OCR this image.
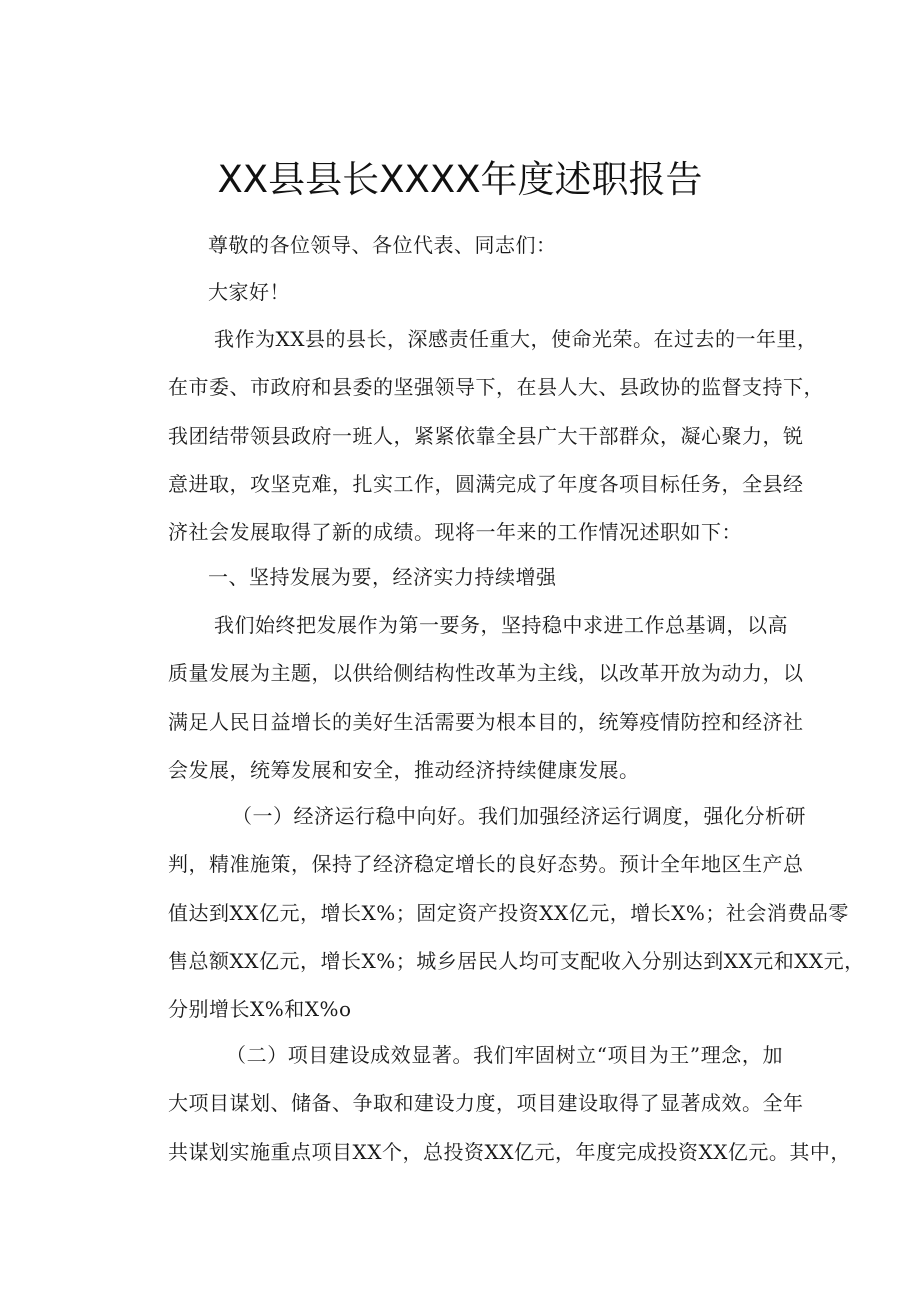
XX县县长XXXX年度述职报告

尊敬的各位领导、各位代表、同志们：

大家好！

我作为XX县的县长，深感责任重大，使命光荣。在过去的一年里，
在市委、市政府和县委的坚强领导下，在县人大、县政协的监督支持下，
我团结带领县政府一班人，紧紧依靠全县广大干部群众，凝心聚力，锐
意进取，攻坚克难，扎实工作，圆满完成了年度各项目标任务，全县经
济社会发展取得了新的成绩。现将一年来的工作情况述职如下：

一、坚持发展为要，经济实力持续增强

我们始终把发展作为第一要务，坚持稳中求进工作总基调，以高
质量发展为主题，以供给侧结构性改革为主线，以改革开放为动力，以
满足人民日益增长的美好生活需要为根本目的，统筹疫情防控和经济社
会发展，统筹发展和安全，推动经济持续健康发展。

（一）经济运行稳中向好。我们加强经济运行调度，强化分析研
判，精准施策，保持了经济稳定增长的良好态势。预计全年地区生产总
值达到XX亿元，增长X%；固定资产投资XX亿元，增长X%；社会消费品零
售总额XX亿元，增长X%；城乡居民人均可支配收入分别达到XX元和XX元，
分别增长X%和X%o

（二）项目建设成效显著。我们牢固树立“项目为王”理念，加
大项目谋划、储备、争取和建设力度，项目建设取得了显著成效。全年
共谋划实施重点项目XX个，总投资XX亿元，年度完成投资XX亿元。其中，
